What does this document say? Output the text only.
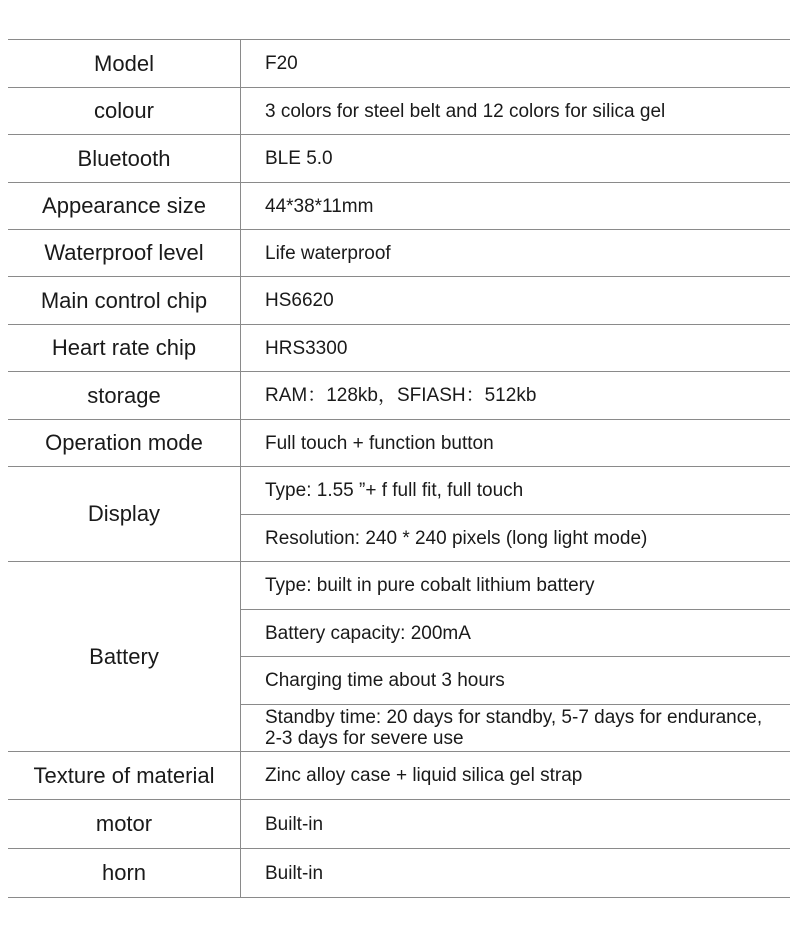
Model	F20
colour	3 colors for steel belt and 12 colors for silica gel
Bluetooth	BLE 5.0
Appearance size	44*38*11mm
Waterproof level	Life waterproof
Main control chip	HS6620
Heart rate chip	HRS3300
storage	RAM：128kb，SFIASH：512kb
Operation mode	Full touch + function button
Display	Type: 1.55 ”+ f full fit, full touch
	Resolution: 240 * 240 pixels (long light mode)
Battery	Type: built in pure cobalt lithium battery
	Battery capacity: 200mA
	Charging time about 3 hours
	Standby time: 20 days for standby, 5-7 days for endurance, 2-3 days for severe use
Texture of material	Zinc alloy case + liquid silica gel strap
motor	Built-in
horn	Built-in
